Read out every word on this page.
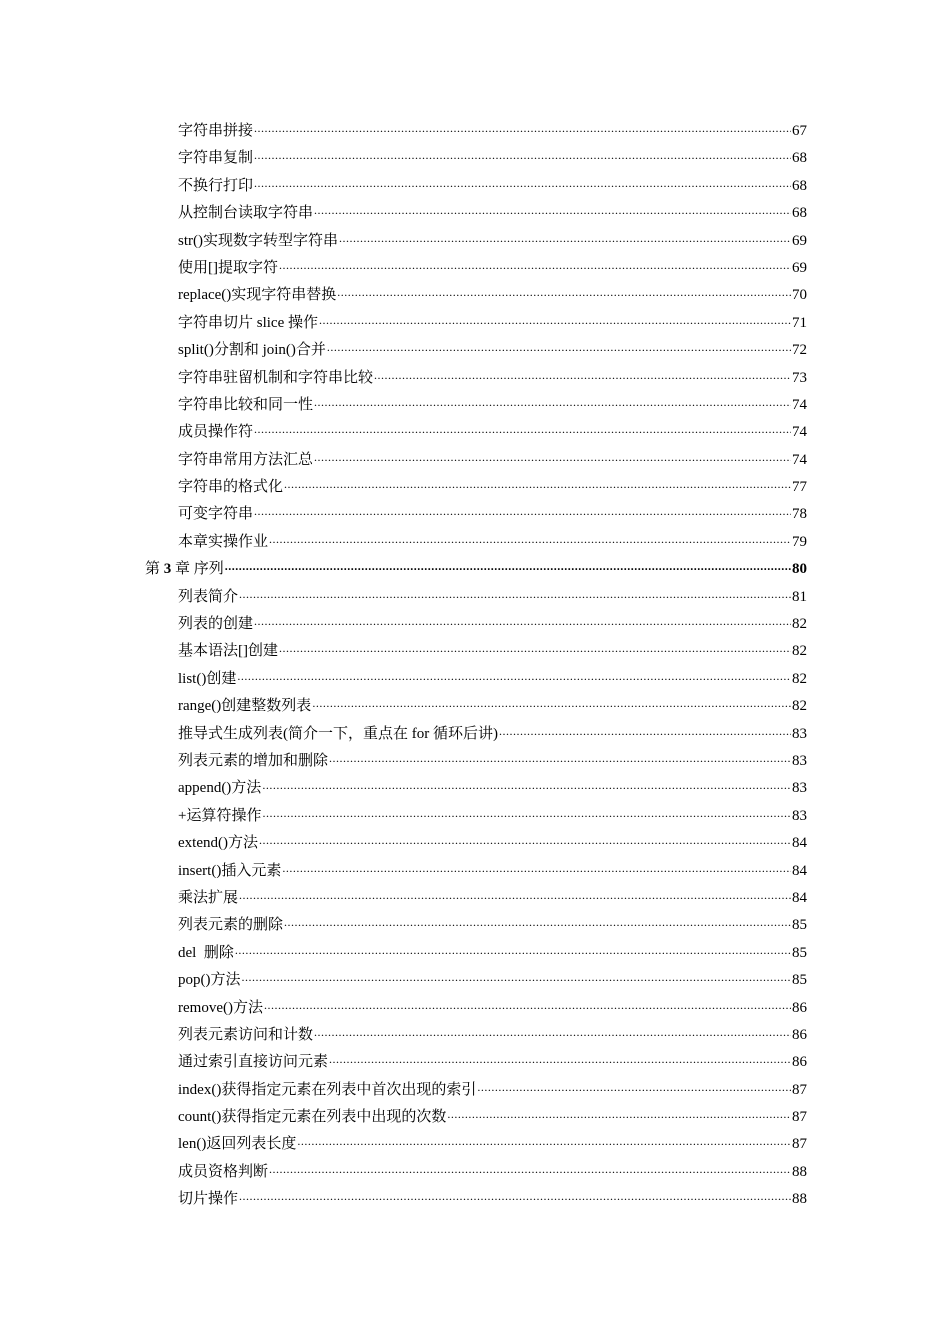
字符串拼接 .....	67
字符串复制 .....	68
不换行打印 .....	68
从控制台读取字符串 .....	68
str()实现数字转型字符串 .....	69
使用[]提取字符 .....	69
replace()实现字符串替换 .....	70
字符串切片 slice 操作 .....	71
split()分割和 join()合并 .....	72
字符串驻留机制和字符串比较 .....	73
字符串比较和同一性 .....	74
成员操作符 .....	74
字符串常用方法汇总 .....	74
字符串的格式化 .....	77
可变字符串 .....	78
本章实操作业 .....	79
第 3 章 序列 .....	80
列表简介 .....	81
列表的创建 .....	82
基本语法[]创建 .....	82
list()创建 .....	82
range()创建整数列表 .....	82
推导式生成列表(简介一下，重点在 for 循环后讲) .....	83
列表元素的增加和删除 .....	83
append()方法 .....	83
+运算符操作 .....	83
extend()方法 .....	84
insert()插入元素 .....	84
乘法扩展 .....	84
列表元素的删除 .....	85
del  删除 .....	85
pop()方法 .....	85
remove()方法 .....	86
列表元素访问和计数 .....	86
通过索引直接访问元素 .....	86
index()获得指定元素在列表中首次出现的索引 .....	87
count()获得指定元素在列表中出现的次数 .....	87
len()返回列表长度 .....	87
成员资格判断 .....	88
切片操作 .....	88
